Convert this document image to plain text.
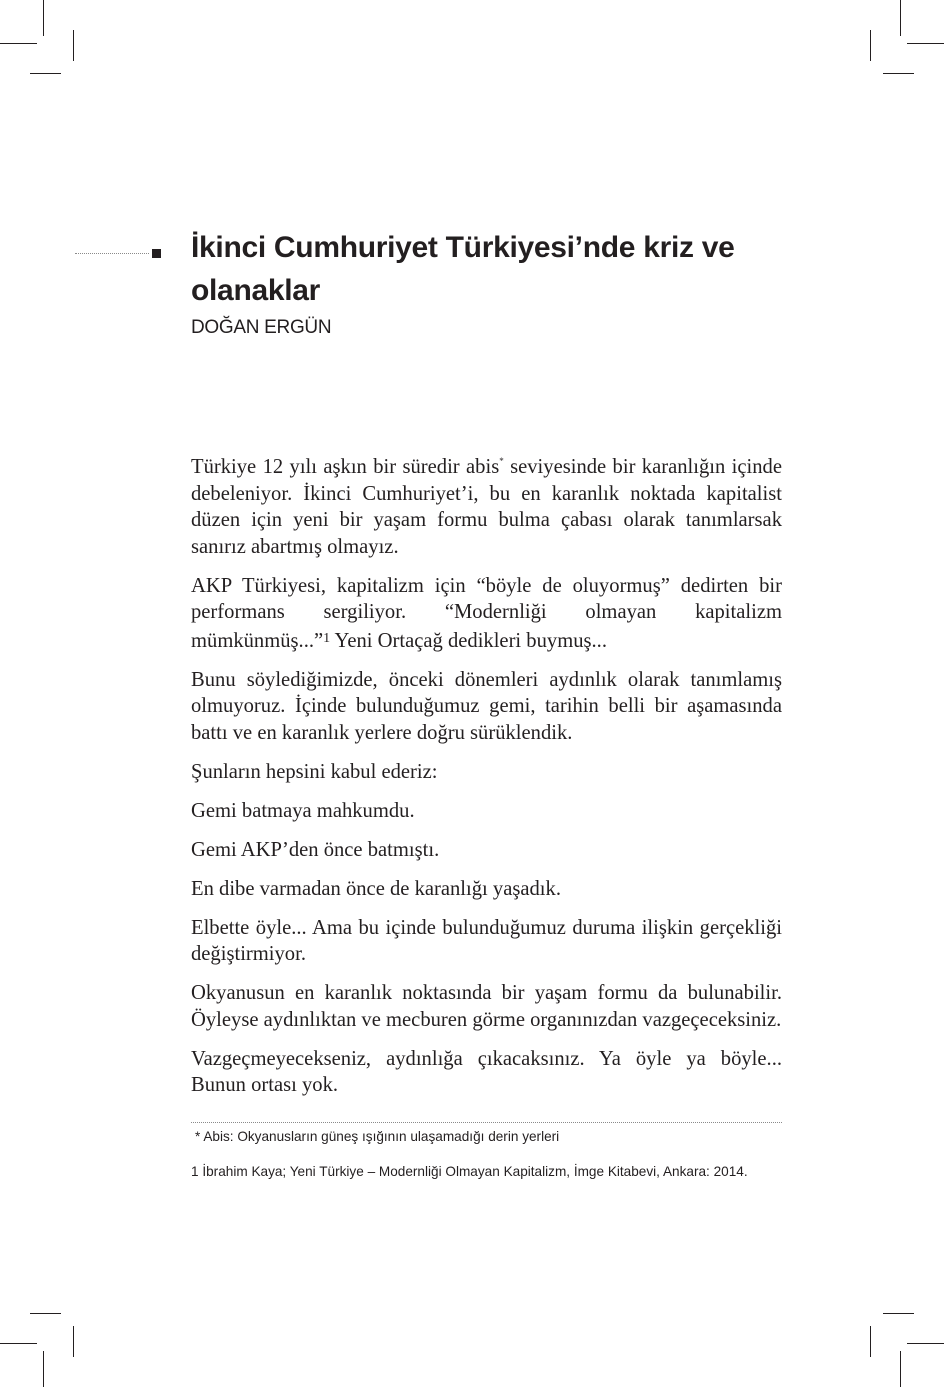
İkinci Cumhuriyet Türkiyesi’nde kriz ve olanaklar
DOĞAN ERGÜN

Türkiye 12 yılı aşkın bir süredir abis* seviyesinde bir karanlığın içinde debeleniyor. İkinci Cumhuriyet’i, bu en karanlık noktada kapitalist düzen için yeni bir yaşam formu bulma çabası olarak tanımlarsak sanırız abartmış olmayız.

AKP Türkiyesi, kapitalizm için “böyle de oluyormuş” dedirten bir performans sergiliyor. “Modernliği olmayan kapitalizm mümkünmüş...”$^1$ Yeni Ortaçağ dedikleri buymuş...

Bunu söylediğimizde, önceki dönemleri aydınlık olarak tanımlamış olmuyoruz. İçinde bulunduğumuz gemi, tarihin belli bir aşamasında battı ve en karanlık yerlere doğru sürüklendik.

Şunların hepsini kabul ederiz:

Gemi batmaya mahkumdu.

Gemi AKP’den önce batmıştı.

En dibe varmadan önce de karanlığı yaşadık.

Elbette öyle... Ama bu içinde bulunduğumuz duruma ilişkin gerçekliği değiştirmiyor.

Okyanusun en karanlık noktasında bir yaşam formu da bulunabilir. Öyleyse aydınlıktan ve mecburen görme organınızdan vazgeçeceksiniz.

Vazgeçmeyecekseniz, aydınlığa çıkacaksınız. Ya öyle ya böyle... Bunun ortası yok.

* Abis: Okyanusların güneş ışığının ulaşamadığı derin yerleri
1 İbrahim Kaya; Yeni Türkiye – Modernliği Olmayan Kapitalizm, İmge Kitabevi, Ankara: 2014.
